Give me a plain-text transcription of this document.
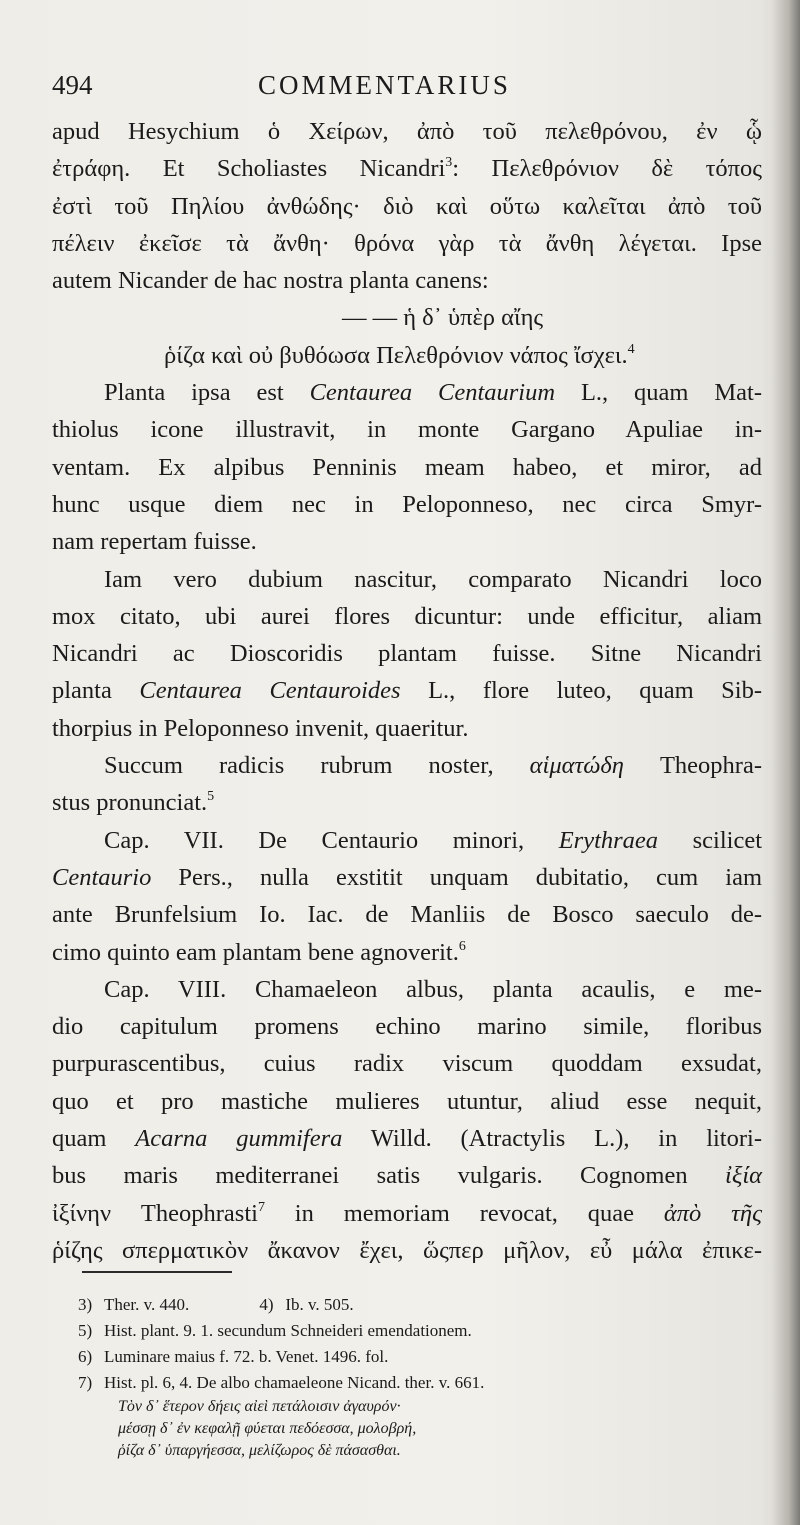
494	COMMENTARIUS
apud Hesychium ὁ Χείρων, ἀπὸ τοῦ πελεθρόνου, ἐν ᾧ
ἐτράφη. Et Scholiastes Nicandri$^3$: Πελεθρόνιον δὲ τόπος
ἐστὶ τοῦ Πηλίου ἀνθώδης· διὸ καὶ οὕτω καλεῖται ἀπὸ τοῦ
πέλειν ἐκεῖσε τὰ ἄνθη· θρόνα γὰρ τὰ ἄνθη λέγεται. Ipse
autem Nicander de hac nostra planta canens:
— — ἡ δ᾽ ὑπὲρ αἴης
ῥίζα καὶ οὐ βυθόωσα Πελεθρόνιον νάπος ἴσχει.$^4$
Planta ipsa est Centaurea Centaurium L., quam Mat-
thiolus icone illustravit, in monte Gargano Apuliae in-
ventam. Ex alpibus Penninis meam habeo, et miror, ad
hunc usque diem nec in Peloponneso, nec circa Smyr-
nam repertam fuisse.
Iam vero dubium nascitur, comparato Nicandri loco
mox citato, ubi aurei flores dicuntur: unde efficitur, aliam
Nicandri ac Dioscoridis plantam fuisse. Sitne Nicandri
planta Centaurea Centauroides L., flore luteo, quam Sib-
thorpius in Peloponneso invenit, quaeritur.
Succum radicis rubrum noster, αἱματώδη Theophra-
stus pronunciat.$^5$
Cap. VII. De Centaurio minori, Erythraea scilicet
Centaurio Pers., nulla exstitit unquam dubitatio, cum iam
ante Brunfelsium Io. Iac. de Manliis de Bosco saeculo de-
cimo quinto eam plantam bene agnoverit.$^6$
Cap. VIII. Chamaeleon albus, planta acaulis, e me-
dio capitulum promens echino marino simile, floribus
purpurascentibus, cuius radix viscum quoddam exsudat,
quo et pro mastiche mulieres utuntur, aliud esse nequit,
quam Acarna gummifera Willd. (Atractylis L.), in litori-
bus maris mediterranei satis vulgaris. Cognomen ἰξία
ἰξίνην Theophrasti$^7$ in memoriam revocat, quae ἀπὸ τῆς
ῥίζης σπερματικὸν ἄκανον ἔχει, ὥςπερ μῆλον, εὖ μάλα ἐπικε-
3) Ther. v. 440.	4) Ib. v. 505.
5) Hist. plant. 9. 1. secundum Schneideri emendationem.
6) Luminare maius f. 72. b. Venet. 1496. fol.
7) Hist. pl. 6, 4. De albo chamaeleone Nicand. ther. v. 661.
Τὸν δ᾽ ἕτερον δήεις αἰεὶ πετάλοισιν ἀγαυρόν·
μέσσῃ δ᾽ ἐν κεφαλῇ φύεται πεδόεσσα, μολοβρή,
ῥίζα δ᾽ ὑπαργήεσσα, μελίζωρος δὲ πάσασθαι.
